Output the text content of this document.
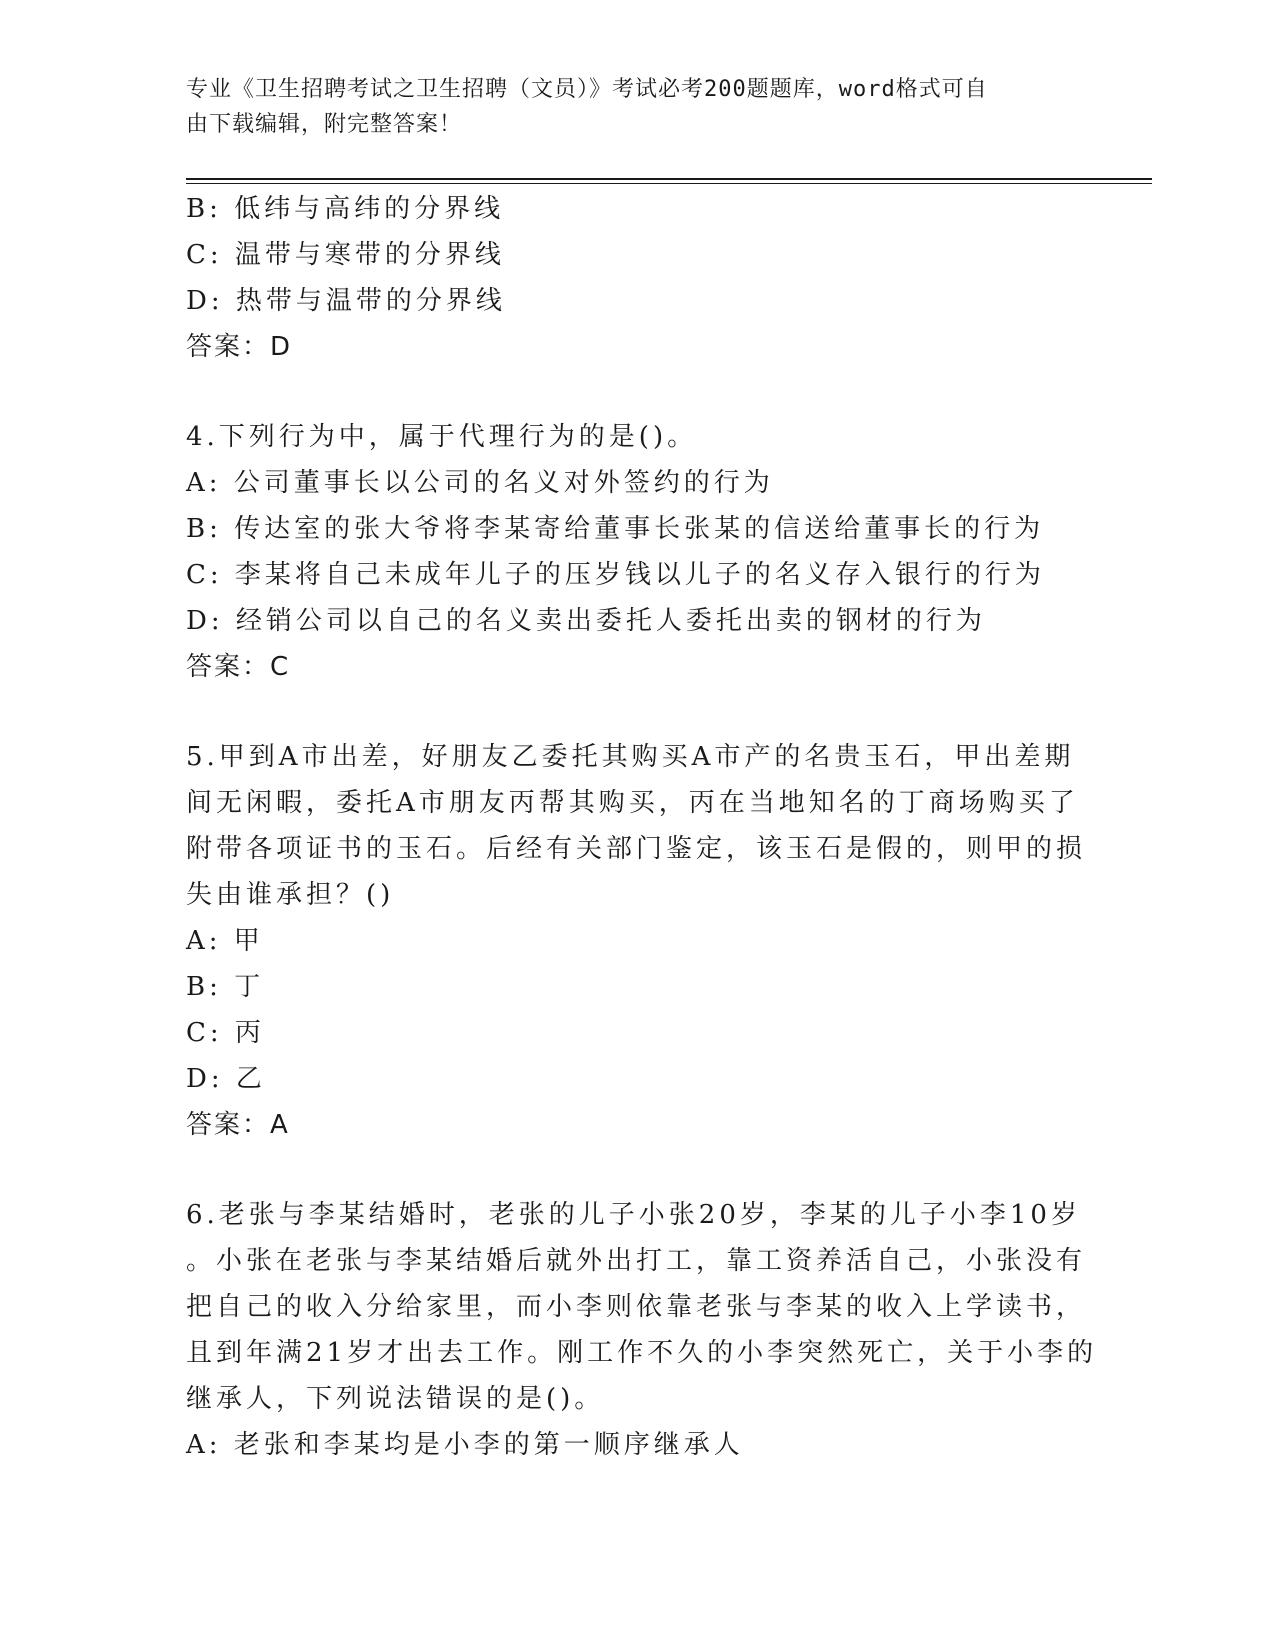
专业《卫生招聘考试之卫生招聘（文员）》考试必考200题题库，word格式可自
由下载编辑，附完整答案！
B: 低纬与高纬的分界线
C: 温带与寒带的分界线
D: 热带与温带的分界线
答案：D
4.下列行为中，属于代理行为的是()。
A: 公司董事长以公司的名义对外签约的行为
B: 传达室的张大爷将李某寄给董事长张某的信送给董事长的行为
C: 李某将自己未成年儿子的压岁钱以儿子的名义存入银行的行为
D: 经销公司以自己的名义卖出委托人委托出卖的钢材的行为
答案：C
5.甲到A市出差，好朋友乙委托其购买A市产的名贵玉石，甲出差期
间无闲暇，委托A市朋友丙帮其购买，丙在当地知名的丁商场购买了
附带各项证书的玉石。后经有关部门鉴定，该玉石是假的，则甲的损
失由谁承担？()
A: 甲
B: 丁
C: 丙
D: 乙
答案：A
6.老张与李某结婚时，老张的儿子小张20岁，李某的儿子小李10岁
。小张在老张与李某结婚后就外出打工，靠工资养活自己，小张没有
把自己的收入分给家里，而小李则依靠老张与李某的收入上学读书，
且到年满21岁才出去工作。刚工作不久的小李突然死亡，关于小李的
继承人，下列说法错误的是()。
A: 老张和李某均是小李的第一顺序继承人
